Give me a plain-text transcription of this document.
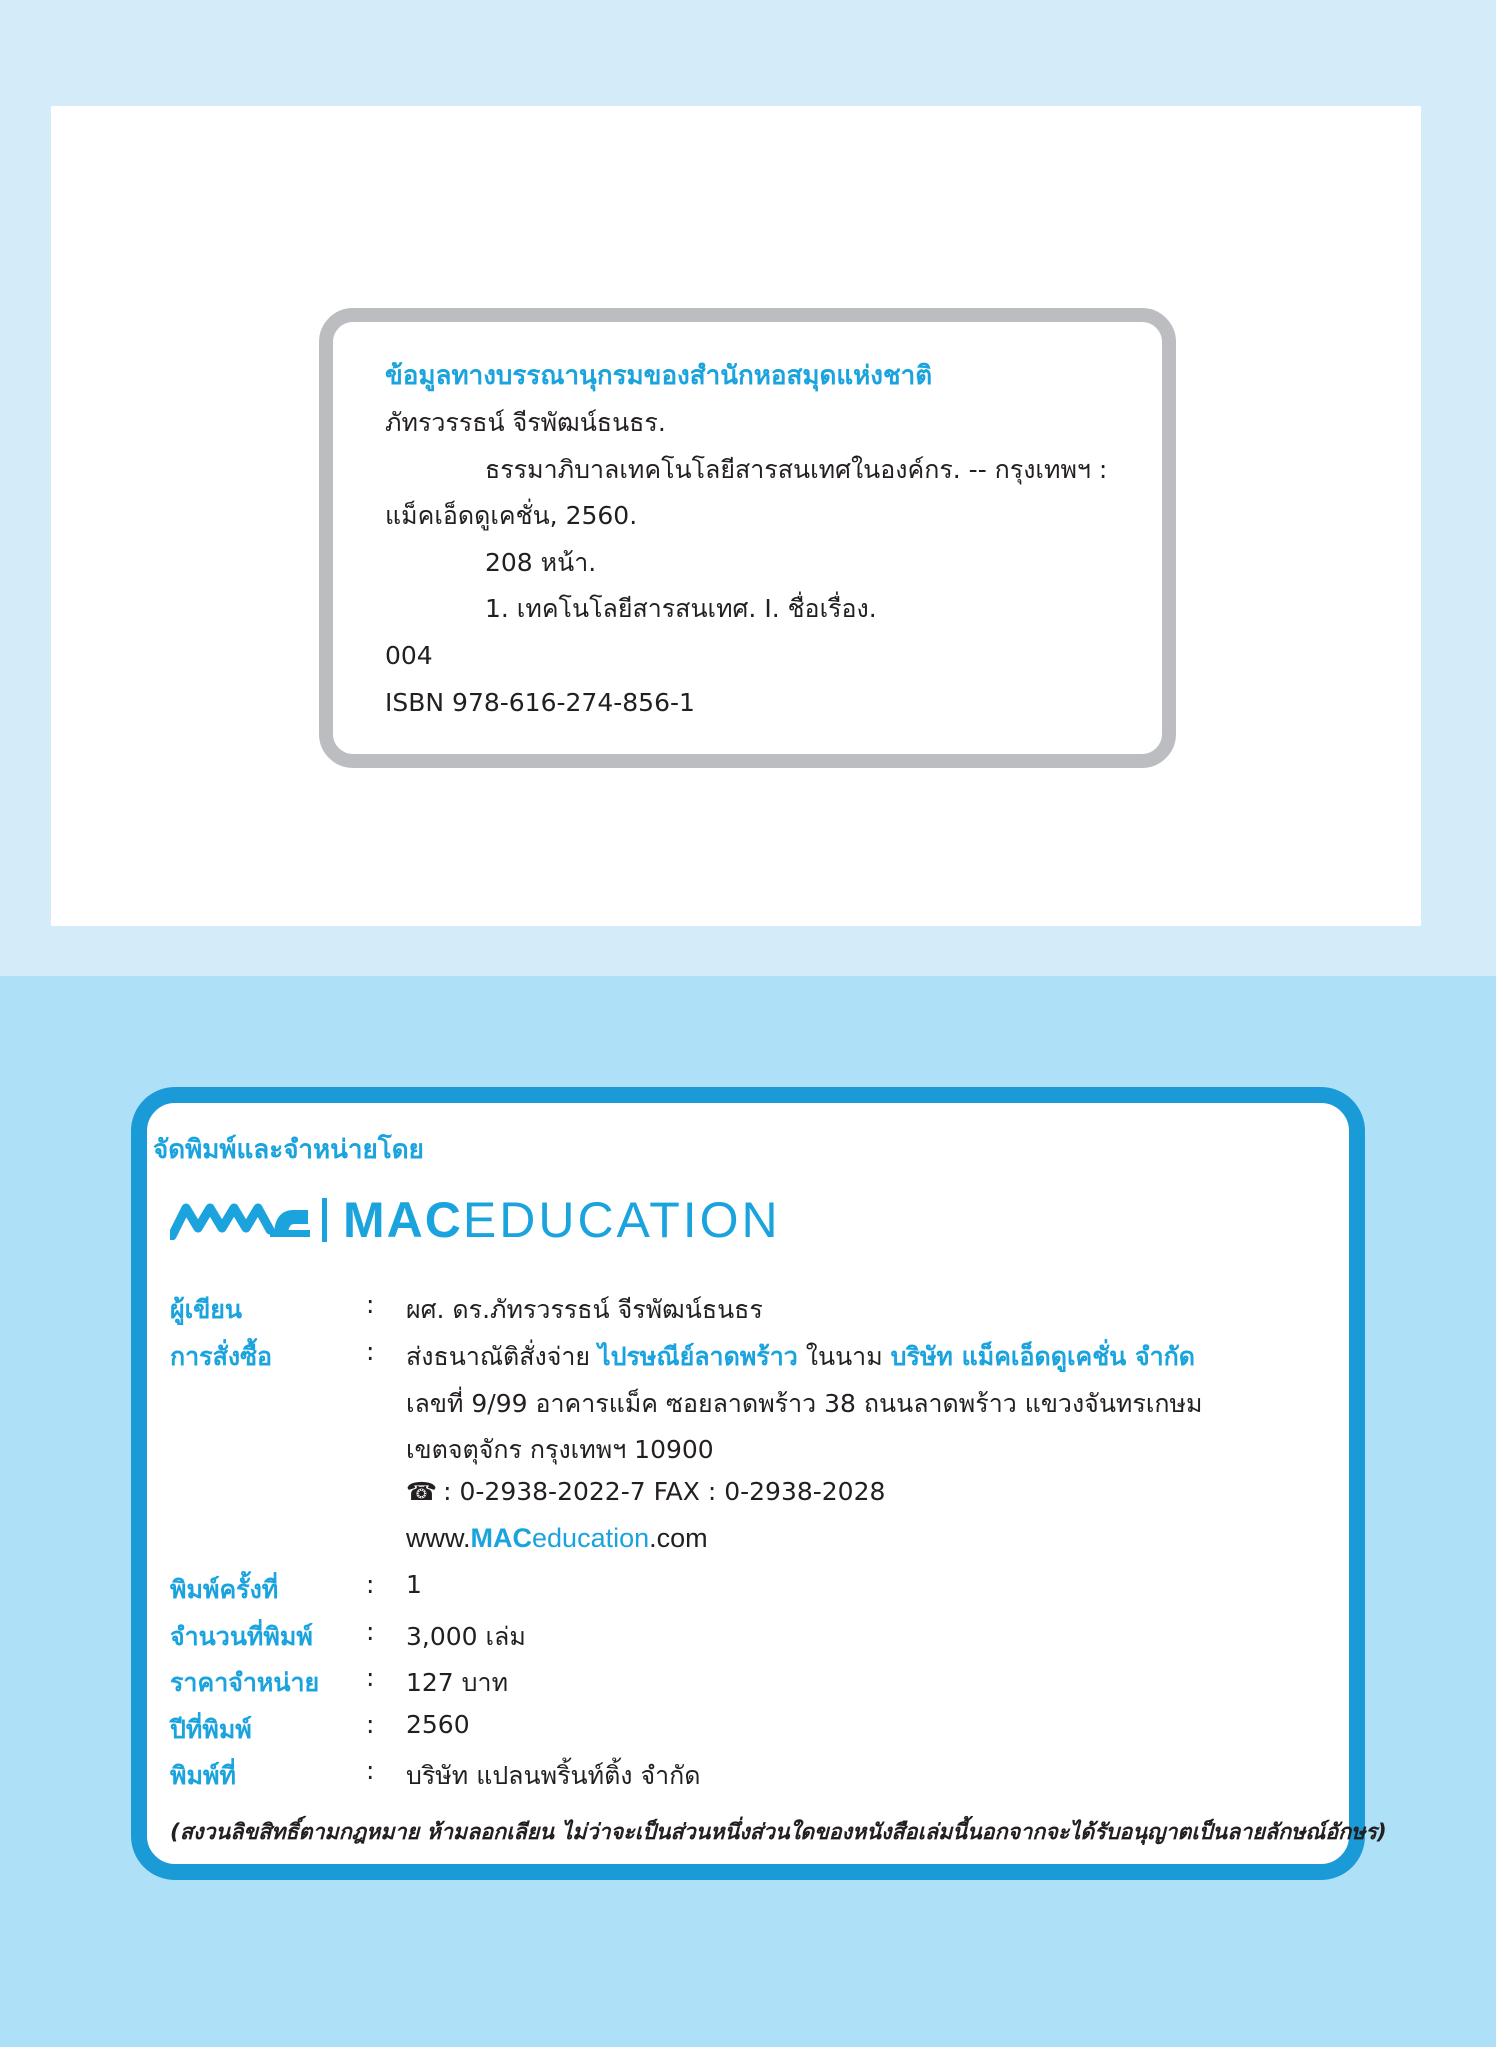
ข้อมูลทางบรรณานุกรมของสำนักหอสมุดแห่งชาติ
ภัทรวรรธน์ จีรพัฒน์ธนธร.
ธรรมาภิบาลเทคโนโลยีสารสนเทศในองค์กร. -- กรุงเทพฯ :
แม็คเอ็ดดูเคชั่น, 2560.
208 หน้า.
1. เทคโนโลยีสารสนเทศ. I. ชื่อเรื่อง.
004
ISBN 978-616-274-856-1
จัดพิมพ์และจำหน่ายโดย
MAC EDUCATION
ผู้เขียน	: ผศ. ดร.ภัทรวรรธน์ จีรพัฒน์ธนธร
การสั่งซื้อ	: ส่งธนาณัติสั่งจ่าย ไปรษณีย์ลาดพร้าว ในนาม บริษัท แม็คเอ็ดดูเคชั่น จำกัด
เลขที่ 9/99 อาคารแม็ค ซอยลาดพร้าว 38 ถนนลาดพร้าว แขวงจันทรเกษม
เขตจตุจักร กรุงเทพฯ 10900
☎ : 0-2938-2022-7 FAX : 0-2938-2028
www.MACeducation.com
พิมพ์ครั้งที่	: 1
จำนวนที่พิมพ์ : 3,000 เล่ม
ราคาจำหน่าย : 127 บาท
ปีที่พิมพ์	: 2560
พิมพ์ที่	: บริษัท แปลนพริ้นท์ติ้ง จำกัด
(สงวนลิขสิทธิ์ตามกฎหมาย ห้ามลอกเลียน ไม่ว่าจะเป็นส่วนหนึ่งส่วนใดของหนังสือเล่มนี้นอกจากจะได้รับอนุญาตเป็นลายลักษณ์อักษร)
